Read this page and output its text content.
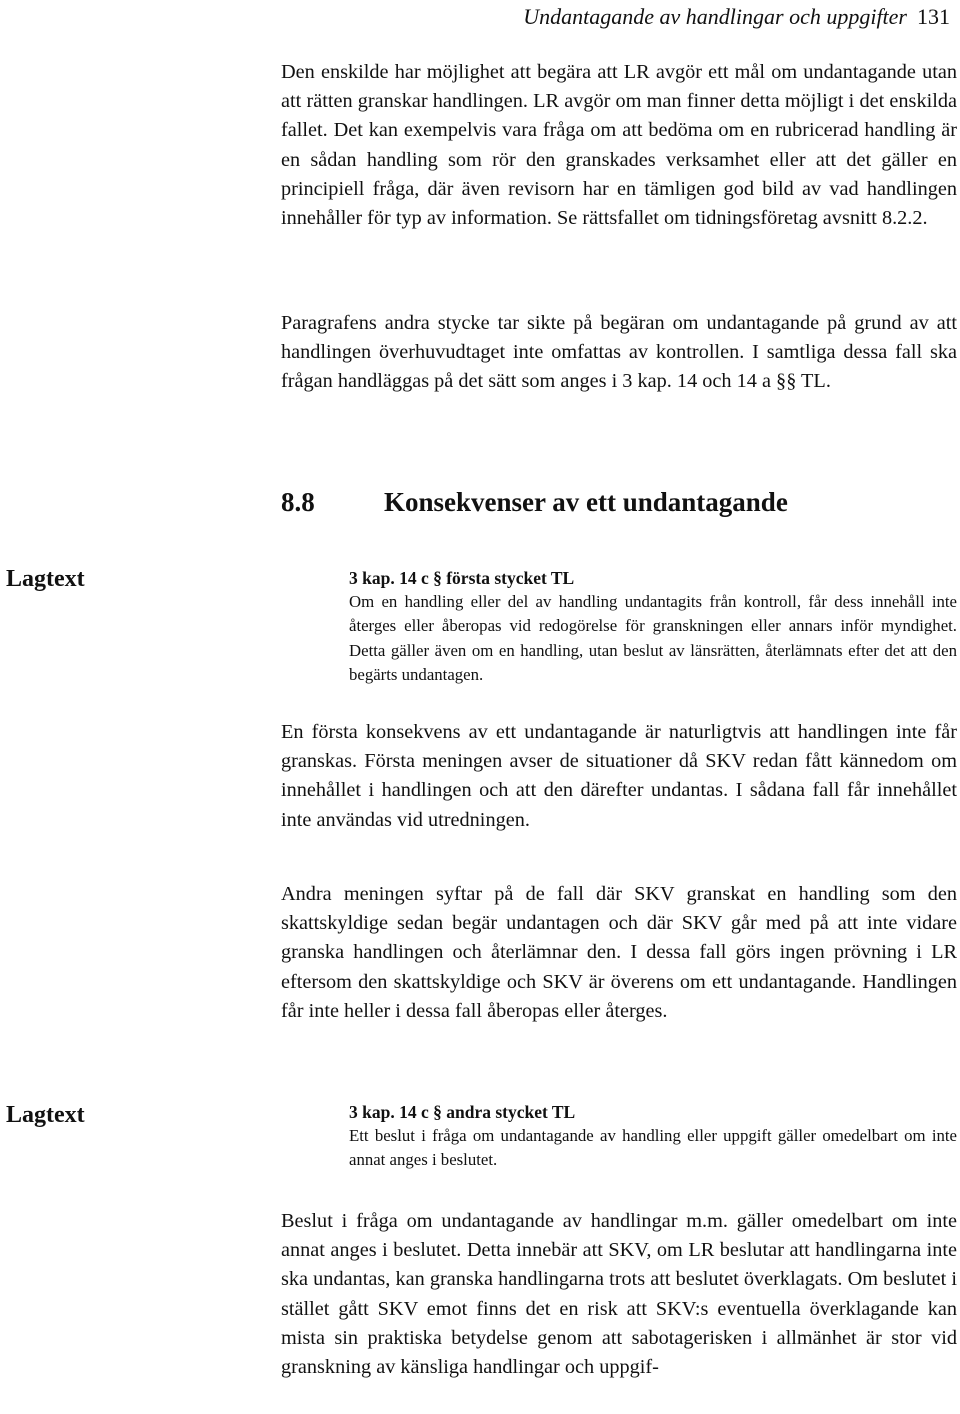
Undantagande av handlingar och uppgifter 131

Den enskilde har möjlighet att begära att LR avgör ett mål om undantagande utan att rätten granskar handlingen. LR avgör om man finner detta möjligt i det enskilda fallet. Det kan exempelvis vara fråga om att bedöma om en rubricerad handling är en sådan handling som rör den granskades verksamhet eller att det gäller en principiell fråga, där även revisorn har en tämligen god bild av vad handlingen innehåller för typ av information. Se rättsfallet om tidningsföretag avsnitt 8.2.2.

Paragrafens andra stycke tar sikte på begäran om undantagande på grund av att handlingen överhuvudtaget inte omfattas av kontrollen. I samtliga dessa fall ska frågan handläggas på det sätt som anges i 3 kap. 14 och 14 a §§ TL.

8.8	Konsekvenser av ett undantagande
Lagtext	3 kap. 14 c § första stycket TL

Om en handling eller del av handling undantagits från kontroll, får dess innehåll inte återges eller åberopas vid redogörelse för granskningen eller annars inför myndighet. Detta gäller även om en handling, utan beslut av länsrätten, återlämnats efter det att den begärts undantagen.

En första konsekvens av ett undantagande är naturligtvis att handlingen inte får granskas. Första meningen avser de situationer då SKV redan fått kännedom om innehållet i handlingen och att den därefter undantas. I sådana fall får innehållet inte användas vid utredningen.

Andra meningen syftar på de fall där SKV granskat en handling som den skattskyldige sedan begär undantagen och där SKV går med på att inte vidare granska handlingen och återlämnar den. I dessa fall görs ingen prövning i LR eftersom den skattskyldige och SKV är överens om ett undantagande. Handlingen får inte heller i dessa fall åberopas eller återges.

Lagtext	3 kap. 14 c § andra stycket TL

Ett beslut i fråga om undantagande av handling eller uppgift gäller omedelbart om inte annat anges i beslutet.

Beslut i fråga om undantagande av handlingar m.m. gäller omedelbart om inte annat anges i beslutet. Detta innebär att SKV, om LR beslutar att handlingarna inte ska undantas, kan granska handlingarna trots att beslutet överklagats. Om beslutet i stället gått SKV emot finns det en risk att SKV:s eventuella överklagande kan mista sin praktiska betydelse genom att sabotagerisken i allmänhet är stor vid granskning av känsliga handlingar och uppgif-
